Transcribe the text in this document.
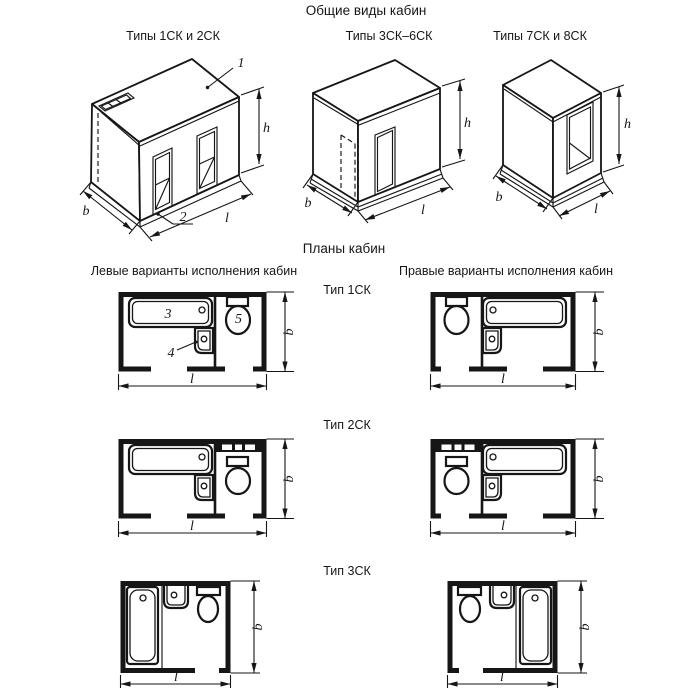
Общие виды кабин
Типы 1СК и 2СК	Типы 3СК–6СК	Типы 7СК и 8СК
Планы кабин
Левые варианты исполнения кабин	Правые варианты исполнения кабин
Тип 1СК
Тип 2СК
Тип 3СК
1
2
h
b	l
h
b	l
h
b
l
3
4
5
b
l
b
l
b
l
b
l
b
l
b
l
